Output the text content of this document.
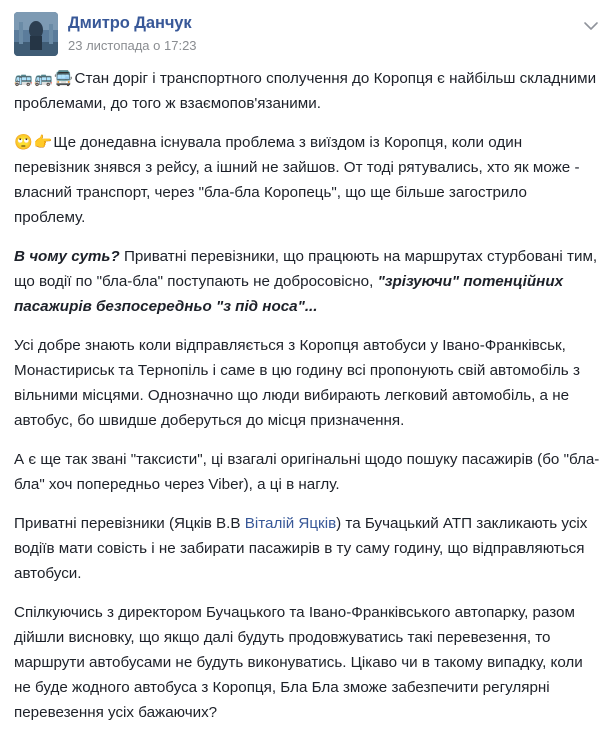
Дмитро Данчук
23 листопада о 17:23

🚌🚌🚍Стан доріг і транспортного сполучення до Коропця є найбільш складними проблемами, до того ж взаємопов'язаними.

🙄👉Ще донедавна існувала проблема з виїздом із Коропця, коли один перевізник знявся з рейсу, а ішний не зайшов. От тоді рятувались, хто як може - власний транспорт, через "бла-бла Коропець", що ще більше загострило проблему.

В чому суть? Приватні перевізники, що працюють на маршрутах стурбовані тим, що водії по "бла-бла" поступають не добросовісно, "зрізуючи" потенційних пасажирів безпосередньо "з під носа"...

Усі добре знають коли відправляється з Коропця автобуси у Івано-Франківськ, Монастириськ та Тернопіль і саме в цю годину всі пропонують свій автомобіль з вільними місцями. Однозначно що люди вибирають легковий автомобіль, а не автобус, бо швидше доберуться до місця призначення.

А є ще так звані "таксисти", ці взагалі оригінальні щодо пошуку пасажирів (бо "бла-бла" хоч попередньо через Viber), а ці в наглу.

Приватні перевізники (Яцків В.В Віталій Яцків) та Бучацький АТП закликають усіх водіїв мати совість і не забирати пасажирів в ту саму годину, що відправляються автобуси.

Спілкуючись з директором Бучацького та Івано-Франківського автопарку, разом дійшли висновку, що якщо далі будуть продовжуватись такі перевезення, то маршрути автобусами не будуть виконуватись. Цікаво чи в такому випадку, коли не буде жодного автобуса з Коропця, Бла Бла зможе забезпечити регулярні перевезення усіх бажаючих?
